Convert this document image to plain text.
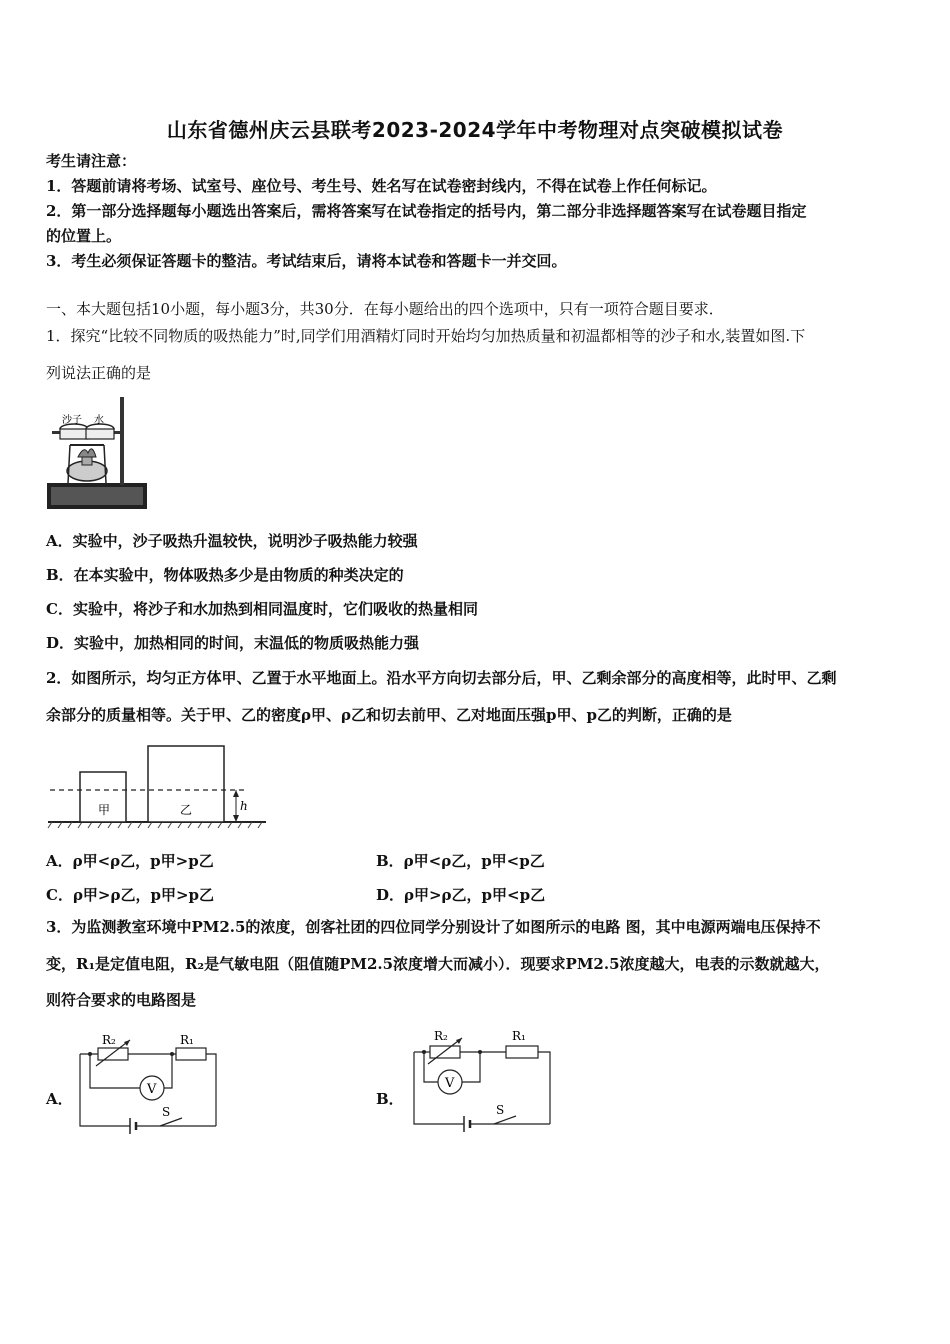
山东省德州庆云县联考2023-2024学年中考物理对点突破模拟试卷
考生请注意：
1．答题前请将考场、试室号、座位号、考生号、姓名写在试卷密封线内，不得在试卷上作任何标记。
2．第一部分选择题每小题选出答案后，需将答案写在试卷指定的括号内，第二部分非选择题答案写在试卷题目指定
的位置上。
3．考生必须保证答题卡的整洁。考试结束后，请将本试卷和答题卡一并交回。
一、本大题包括10小题，每小题3分，共30分．在每小题给出的四个选项中，只有一项符合题目要求．
1．探究“比较不同物质的吸热能力”时,同学们用酒精灯同时开始均匀加热质量和初温都相等的沙子和水,装置如图.下
列说法正确的是
沙子 水
A．实验中，沙子吸热升温较快，说明沙子吸热能力较强
B．在本实验中，物体吸热多少是由物质的种类决定的
C．实验中，将沙子和水加热到相同温度时，它们吸收的热量相同
D．实验中，加热相同的时间，末温低的物质吸热能力强
2．如图所示，均匀正方体甲、乙置于水平地面上。沿水平方向切去部分后，甲、乙剩余部分的高度相等，此时甲、乙剩
余部分的质量相等。关于甲、乙的密度ρ甲、ρ乙和切去前甲、乙对地面压强p甲、p乙的判断，正确的是
甲	乙	h
A．ρ甲<ρ乙，p甲>p乙	B．ρ甲<ρ乙，p甲<p乙
C．ρ甲>ρ乙，p甲>p乙	D．ρ甲>ρ乙，p甲<p乙
3．为监测教室环境中PM2.5的浓度，创客社团的四位同学分别设计了如图所示的电路 图，其中电源两端电压保持不
变，R₁是定值电阻，R₂是气敏电阻（阻值随PM2.5浓度增大而减小）．现要求PM2.5浓度越大，电表的示数就越大，
则符合要求的电路图是
A．
R₂	R₁
V
S
B．
R₂	R₁
V
S
